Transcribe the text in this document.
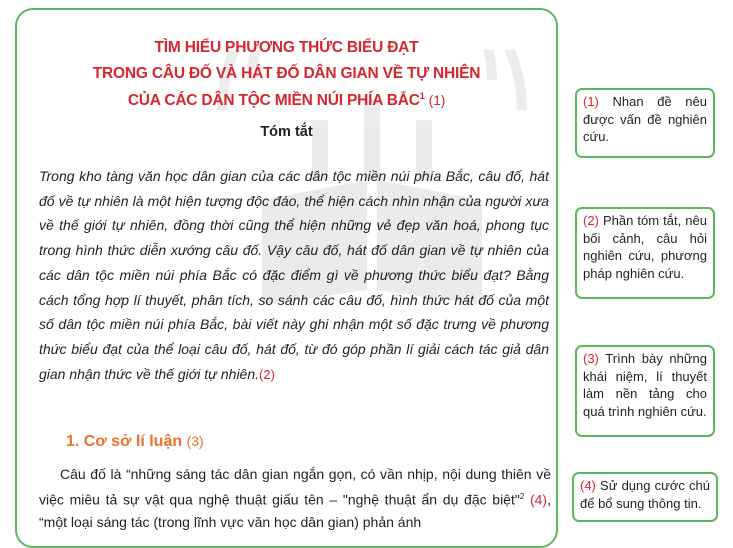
TÌM HIỂU PHƯƠNG THỨC BIỂU ĐẠT
TRONG CÂU ĐỐ VÀ HÁT ĐỐ DÂN GIAN VỀ TỰ NHIÊN
CỦA CÁC DÂN TỘC MIỀN NÚI PHÍA BẮC$^1$ (1)
Tóm tắt
Trong kho tàng văn học dân gian của các dân tộc miền núi phía Bắc, câu đố, hát đố về tự nhiên là một hiện tượng độc đáo, thể hiện cách nhìn nhận của người xưa về thế giới tự nhiên, đồng thời cũng thể hiện những vẻ đẹp văn hoá, phong tục trong hình thức diễn xướng câu đố. Vậy câu đố, hát đố dân gian về tự nhiên của các dân tộc miền núi phía Bắc có đặc điểm gì về phương thức biểu đạt? Bằng cách tổng hợp lí thuyết, phân tích, so sánh các câu đố, hình thức hát đố của một số dân tộc miền núi phía Bắc, bài viết này ghi nhận một số đặc trưng về phương thức biểu đạt của thể loại câu đố, hát đố, từ đó góp phần lí giải cách tác giả dân gian nhận thức về thế giới tự nhiên.(2)
1. Cơ sở lí luận (3)
  Câu đố là “những sáng tác dân gian ngắn gọn, có vần nhịp, nội dung thiên về việc miêu tả sự vật qua nghệ thuật giấu tên – "nghệ thuật ẩn dụ đặc biệt"$^2$ (4), “một loại sáng tác (trong lĩnh vực văn học dân gian) phản ánh
(1) Nhan đề nêu được vấn đề nghiên cứu.
(2) Phần tóm tắt, nêu bối cảnh, câu hỏi nghiên cứu, phương pháp nghiên cứu.
(3) Trình bày những khái niệm, lí thuyết làm nền tảng cho quá trình nghiên cứu.
(4) Sử dụng cước chú để bổ sung thông tin.
